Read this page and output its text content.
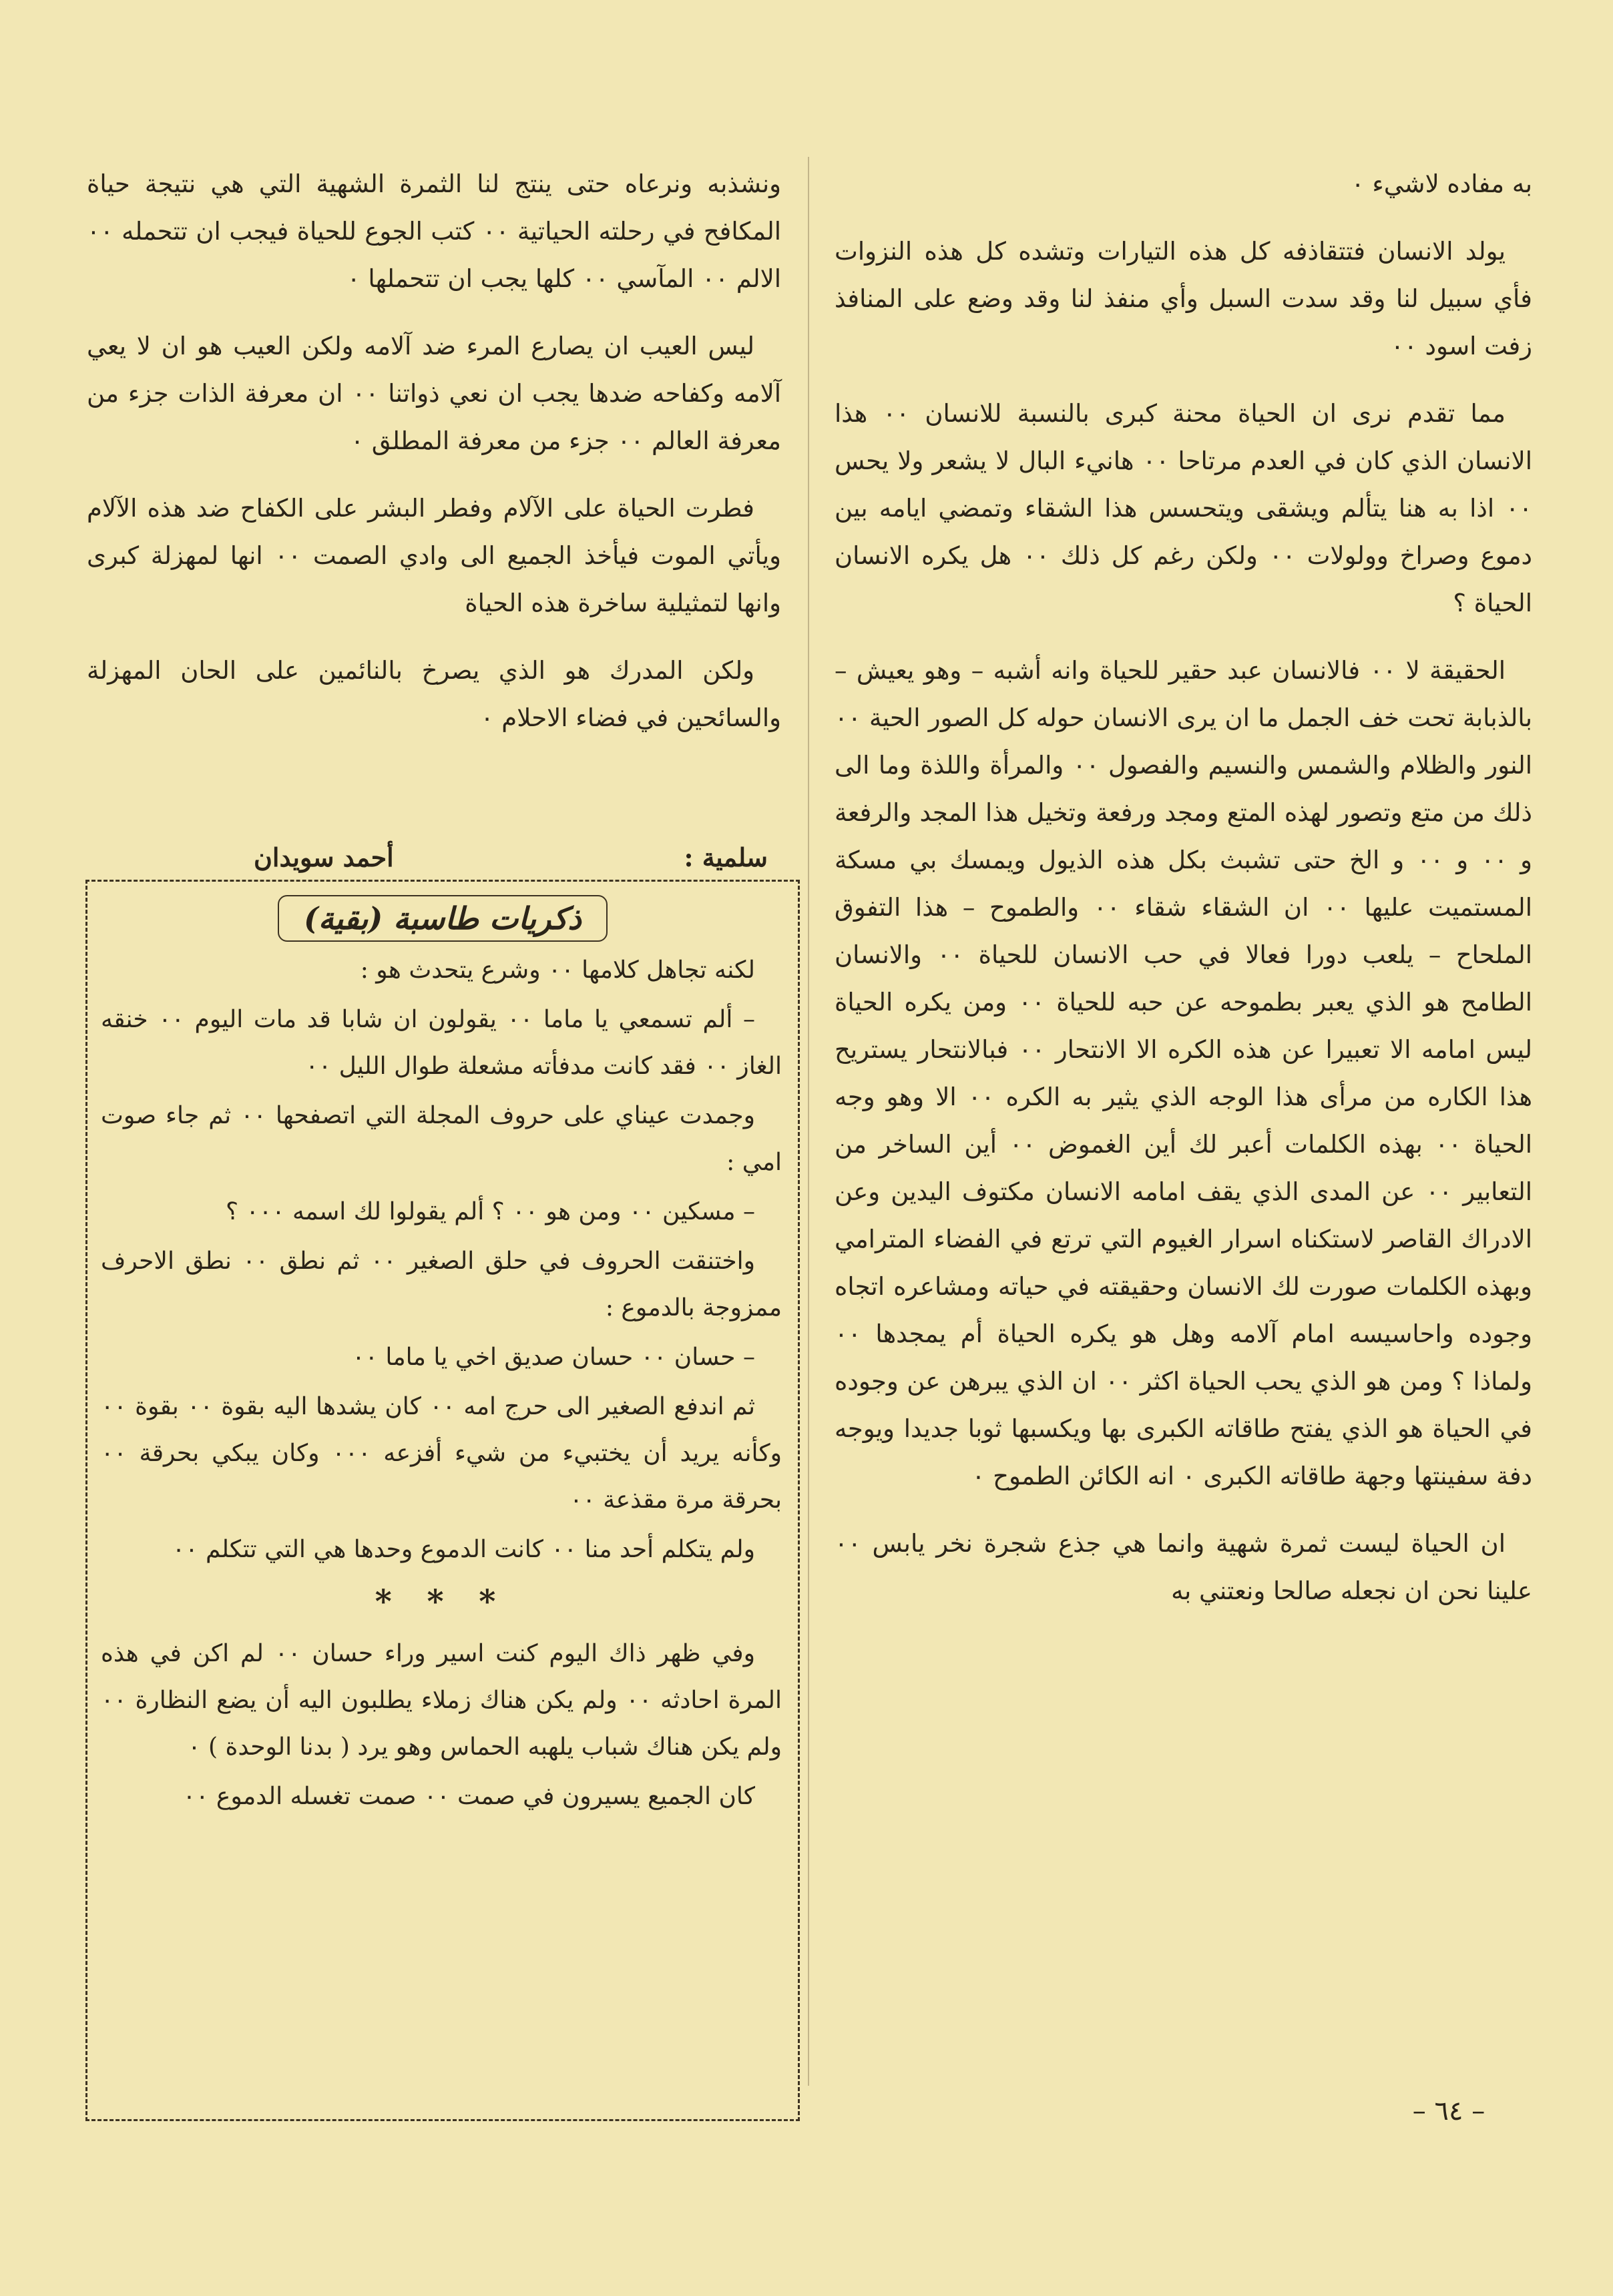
به مفاده لاشيء ٠

يولد الانسان فتتقاذفه كل هذه التيارات وتشده كل هذه النزوات فأي سبيل لنا وقد سدت السبل وأي منفذ لنا وقد وضع على المنافذ زفت اسود ٠٠

مما تقدم نرى ان الحياة محنة كبرى بالنسبة للانسان ٠٠ هذا الانسان الذي كان في العدم مرتاحا ٠٠ هانيء البال لا يشعر ولا يحس ٠٠ اذا به هنا يتألم ويشقى ويتحسس هذا الشقاء وتمضي ايامه بين دموع وصراخ وولولات ٠٠ ولكن رغم كل ذلك ٠٠ هل يكره الانسان الحياة ؟

الحقيقة لا ٠٠ فالانسان عبد حقير للحياة وانه أشبه – وهو يعيش – بالذبابة تحت خف الجمل ما ان يرى الانسان حوله كل الصور الحية ٠٠ النور والظلام والشمس والنسيم والفصول ٠٠ والمرأة واللذة وما الى ذلك من متع وتصور لهذه المتع ومجد ورفعة وتخيل هذا المجد والرفعة و ٠٠ و ٠٠ و الخ حتى تشبث بكل هذه الذيول ويمسك بي مسكة المستميت عليها ٠٠ ان الشقاء شقاء ٠٠ والطموح – هذا التفوق الملحاح – يلعب دورا فعالا في حب الانسان للحياة ٠٠ والانسان الطامح هو الذي يعبر بطموحه عن حبه للحياة ٠٠ ومن يكره الحياة ليس امامه الا تعبيرا عن هذه الكره الا الانتحار ٠٠ فبالانتحار يستريح هذا الكاره من مرأى هذا الوجه الذي يثير به الكره ٠٠ الا وهو وجه الحياة ٠٠ بهذه الكلمات أعبر لك أين الغموض ٠٠ أين الساخر من التعابير ٠٠ عن المدى الذي يقف امامه الانسان مكتوف اليدين وعن الادراك القاصر لاستكناه اسرار الغيوم التي ترتع في الفضاء المترامي وبهذه الكلمات صورت لك الانسان وحقيقته في حياته ومشاعره اتجاه وجوده واحاسيسه امام آلامه وهل هو يكره الحياة أم يمجدها ٠٠ ولماذا ؟ ومن هو الذي يحب الحياة اكثر ٠٠ ان الذي يبرهن عن وجوده في الحياة هو الذي يفتح طاقاته الكبرى بها ويكسبها ثوبا جديدا ويوجه دفة سفينتها وجهة طاقاته الكبرى ٠ انه الكائن الطموح ٠

ان الحياة ليست ثمرة شهية وانما هي جذع شجرة نخر يابس ٠٠ علينا نحن ان نجعله صالحا ونعتني به

ونشذبه ونرعاه حتى ينتج لنا الثمرة الشهية التي هي نتيجة حياة المكافح في رحلته الحياتية ٠٠ كتب الجوع للحياة فيجب ان تتحمله ٠٠ الالم ٠٠ المآسي ٠٠ كلها يجب ان تتحملها ٠

ليس العيب ان يصارع المرء ضد آلامه ولكن العيب هو ان لا يعي آلامه وكفاحه ضدها يجب ان نعي ذواتنا ٠٠ ان معرفة الذات جزء من معرفة العالم ٠٠ جزء من معرفة المطلق ٠

فطرت الحياة على الآلام وفطر البشر على الكفاح ضد هذه الآلام ويأتي الموت فيأخذ الجميع الى وادي الصمت ٠٠ انها لمهزلة كبرى وانها لتمثيلية ساخرة هذه الحياة

ولكن المدرك هو الذي يصرخ بالنائمين على الحان المهزلة والسائحين في فضاء الاحلام ٠

سلمية :
أحمد سويدان
ذكريات طاسبة (بقية)

لكنه تجاهل كلامها ٠٠ وشرع يتحدث هو :

– ألم تسمعي يا ماما ٠٠ يقولون ان شابا قد مات اليوم ٠٠ خنقه الغاز ٠٠ فقد كانت مدفأته مشعلة طوال الليل ٠٠

وجمدت عيناي على حروف المجلة التي اتصفحها ٠٠ ثم جاء صوت امي :

– مسكين ٠٠ ومن هو ٠٠ ؟ ألم يقولوا لك اسمه ٠٠٠ ؟

واختنقت الحروف في حلق الصغير ٠٠ ثم نطق ٠٠ نطق الاحرف ممزوجة بالدموع :

– حسان ٠٠ حسان صديق اخي يا ماما ٠٠

ثم اندفع الصغير الى حرج امه ٠٠ كان يشدها اليه بقوة ٠٠ بقوة ٠٠ وكأنه يريد أن يختبيء من شيء أفزعه ٠٠٠ وكان يبكي بحرقة ٠٠ بحرقة مرة مقذعة ٠٠

ولم يتكلم أحد منا ٠٠ كانت الدموع وحدها هي التي تتكلم ٠٠

* * *

وفي ظهر ذاك اليوم كنت اسير وراء حسان ٠٠ لم اكن في هذه المرة احادثه ٠٠ ولم يكن هناك زملاء يطلبون اليه أن يضع النظارة ٠٠ ولم يكن هناك شباب يلهبه الحماس وهو يرد ( بدنا الوحدة ) ٠

كان الجميع يسيرون في صمت ٠٠ صمت تغسله الدموع ٠٠

– ٦٤ –
